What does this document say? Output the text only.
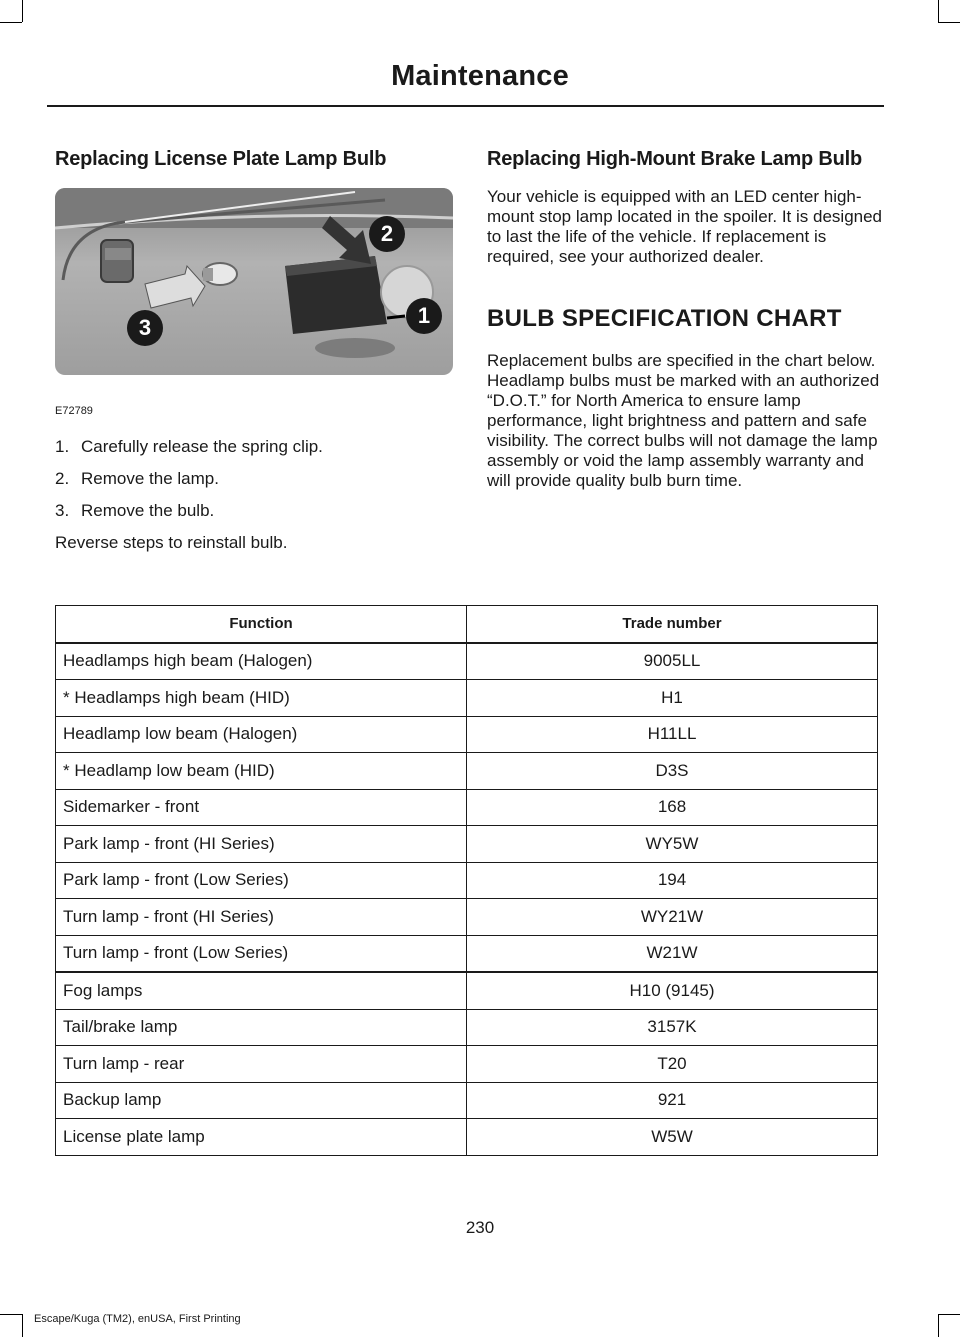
Maintenance
Replacing License Plate Lamp Bulb
2
1
3
E72789
1. Carefully release the spring clip.
2. Remove the lamp.
3. Remove the bulb.

Reverse steps to reinstall bulb.

Replacing High-Mount Brake Lamp Bulb

Your vehicle is equipped with an LED center high-mount stop lamp located in the spoiler. It is designed to last the life of the vehicle. If replacement is required, see your authorized dealer.

BULB SPECIFICATION CHART

Replacement bulbs are specified in the chart below. Headlamp bulbs must be marked with an authorized “D.O.T.” for North America to ensure lamp performance, light brightness and pattern and safe visibility. The correct bulbs will not damage the lamp assembly or void the lamp assembly warranty and will provide quality bulb burn time.

Function	Trade number
Headlamps high beam (Halogen)	9005LL
* Headlamps high beam (HID)	H1
Headlamp low beam (Halogen)	H11LL
* Headlamp low beam (HID)	D3S
Sidemarker - front	168
Park lamp - front (HI Series)	WY5W
Park lamp - front (Low Series)	194
Turn lamp - front (HI Series)	WY21W
Turn lamp - front (Low Series)	W21W
Fog lamps	H10 (9145)
Tail/brake lamp	3157K
Turn lamp - rear	T20
Backup lamp	921
License plate lamp	W5W
230
Escape/Kuga (TM2), enUSA, First Printing
